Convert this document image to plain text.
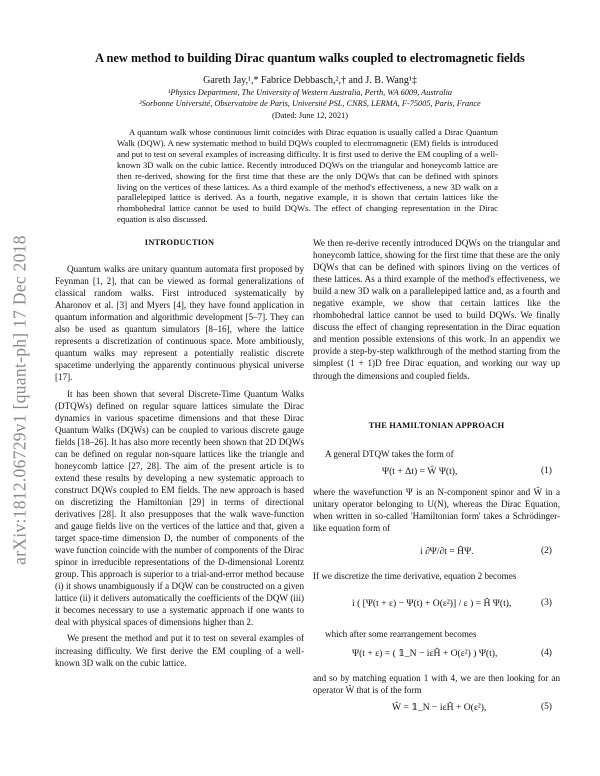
arXiv:1812.06729v1 [quant-ph] 17 Dec 2018
A new method to building Dirac quantum walks coupled to electromagnetic fields
Gareth Jay,¹,* Fabrice Debbasch,²,† and J. B. Wang¹‡
¹Physics Department, The University of Western Australia, Perth, WA 6009, Australia
²Sorbonne Université, Observatoire de Paris, Université PSL, CNRS, LERMA, F-75005, Paris, France
(Dated: June 12, 2021)
A quantum walk whose continuous limit coincides with Dirac equation is usually called a Dirac Quantum Walk (DQW). A new systematic method to build DQWs coupled to electromagnetic (EM) fields is introduced and put to test on several examples of increasing difficulty. It is first used to derive the EM coupling of a well-known 3D walk on the cubic lattice. Recently introduced DQWs on the triangular and honeycomb lattice are then re-derived, showing for the first time that these are the only DQWs that can be defined with spinors living on the vertices of these lattices. As a third example of the method's effectiveness, a new 3D walk on a parallelepiped lattice is derived. As a fourth, negative example, it is shown that certain lattices like the rhombohedral lattice cannot be used to build DQWs. The effect of changing representation in the Dirac equation is also discussed.
INTRODUCTION

Quantum walks are unitary quantum automata first proposed by Feynman [1, 2], that can be viewed as formal generalizations of classical random walks. First introduced systematically by Aharonov et al. [3] and Myers [4], they have found application in quantum information and algorithmic development [5–7]. They can also be used as quantum simulators [8–16], where the lattice represents a discretization of continuous space. More ambitiously, quantum walks may represent a potentially realistic discrete spacetime underlying the apparently continuous physical universe [17].

It has been shown that several Discrete-Time Quantum Walks (DTQWs) defined on regular square lattices simulate the Dirac dynamics in various spacetime dimensions and that these Dirac Quantum Walks (DQWs) can be coupled to various discrete gauge fields [18–26]. It has also more recently been shown that 2D DQWs can be defined on regular non-square lattices like the triangle and honeycomb lattice [27, 28]. The aim of the present article is to extend these results by developing a new systematic approach to construct DQWs coupled to EM fields. The new approach is based on discretizing the Hamiltonian [29] in terms of directional derivatives [28]. It also presupposes that the walk wave-function and gauge fields live on the vertices of the lattice and that, given a target space-time dimension D, the number of components of the wave function coincide with the number of components of the Dirac spinor in irreducible representations of the D-dimensional Lorentz group. This approach is superior to a trial-and-error method because (i) it shows unambiguously if a DQW can be constructed on a given lattice (ii) it delivers automatically the coefficients of the DQW (iii) it becomes necessary to use a systematic approach if one wants to deal with physical spaces of dimensions higher than 2.

We present the method and put it to test on several examples of increasing difficulty. We first derive the EM coupling of a well-known 3D walk on the cubic lattice.

We then re-derive recently introduced DQWs on the triangular and honeycomb lattice, showing for the first time that these are the only DQWs that can be defined with spinors living on the vertices of these lattices. As a third example of the method's effectiveness, we build a new 3D walk on a parallelepiped lattice and, as a fourth and negative example, we show that certain lattices like the rhombohedral lattice cannot be used to build DQWs. We finally discuss the effect of changing representation in the Dirac equation and mention possible extensions of this work. In an appendix we provide a step-by-step walkthrough of the method starting from the simplest (1 + 1)D free Dirac equation, and working our way up through the dimensions and coupled fields.

THE HAMILTONIAN APPROACH
A general DTQW takes the form of
Ψ(t + Δt) = Ŵ Ψ(t),	(1)
where the wavefunction Ψ is an N-component spinor and Ŵ in a unitary operator belonging to U(N), whereas the Dirac Equation, when written in so-called 'Hamiltonian form' takes a Schrödinger-like equation form of
i ∂Ψ/∂t = ĤΨ.	(2)
If we discretize the time derivative, equation 2 becomes
i ( [Ψ(t + ε) − Ψ(t) + O(ε²)] / ε ) = Ĥ Ψ(t),	(3)
which after some rearrangement becomes
Ψ(t + ε) = ( 𝟙_N − iεĤ + O(ε²) ) Ψ(t),	(4)
and so by matching equation 1 with 4, we are then looking for an operator Ŵ that is of the form
Ŵ = 𝟙_N − iεĤ + O(ε²),	(5)
